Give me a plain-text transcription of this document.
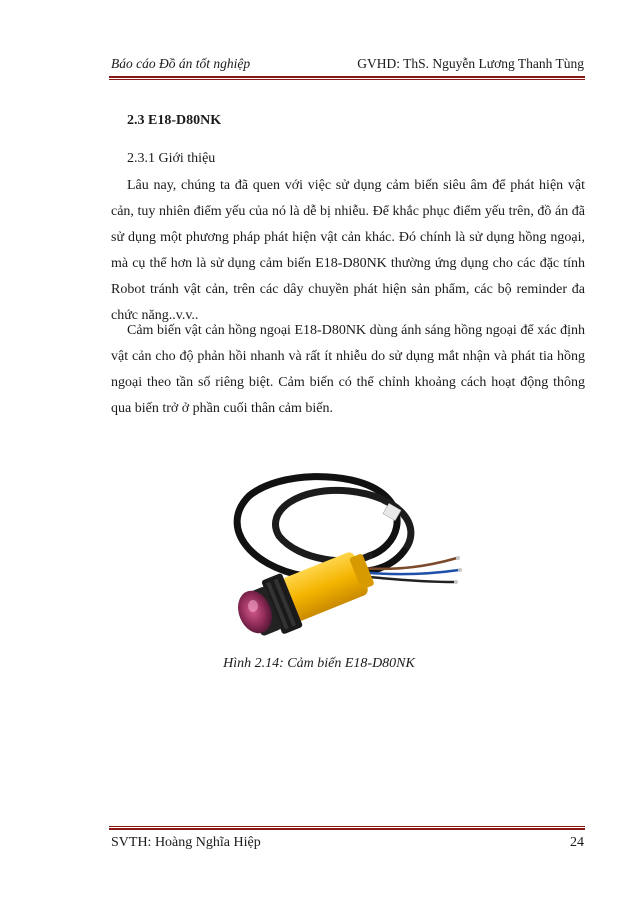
Báo cáo Đồ án tốt nghiệp	GVHD: ThS. Nguyễn Lương Thanh Tùng
2.3 E18-D80NK
2.3.1 Giới thiệu

Lâu nay, chúng ta đã quen với việc sử dụng cảm biến siêu âm để phát hiện vật cản, tuy nhiên điểm yếu của nó là dễ bị nhiễu. Để khắc phục điểm yếu trên, đồ án đã sử dụng một phương pháp phát hiện vật cản khác. Đó chính là sử dụng hồng ngoại, mà cụ thể hơn là sử dụng cảm biến E18-D80NK thường ứng dụng cho các đặc tính Robot tránh vật cản, trên các dây chuyền phát hiện sản phẩm, các bộ reminder đa chức năng..v.v..

Cảm biến vật cản hồng ngoại E18-D80NK dùng ánh sáng hồng ngoại để xác định vật cản cho độ phản hồi nhanh và rất ít nhiễu do sử dụng mắt nhận và phát tia hồng ngoại theo tần số riêng biệt. Cảm biến có thể chỉnh khoảng cách hoạt động thông qua biến trở ở phần cuối thân cảm biến.

Hình 2.14: Cảm biến E18-D80NK
SVTH: Hoàng Nghĩa Hiệp	24
